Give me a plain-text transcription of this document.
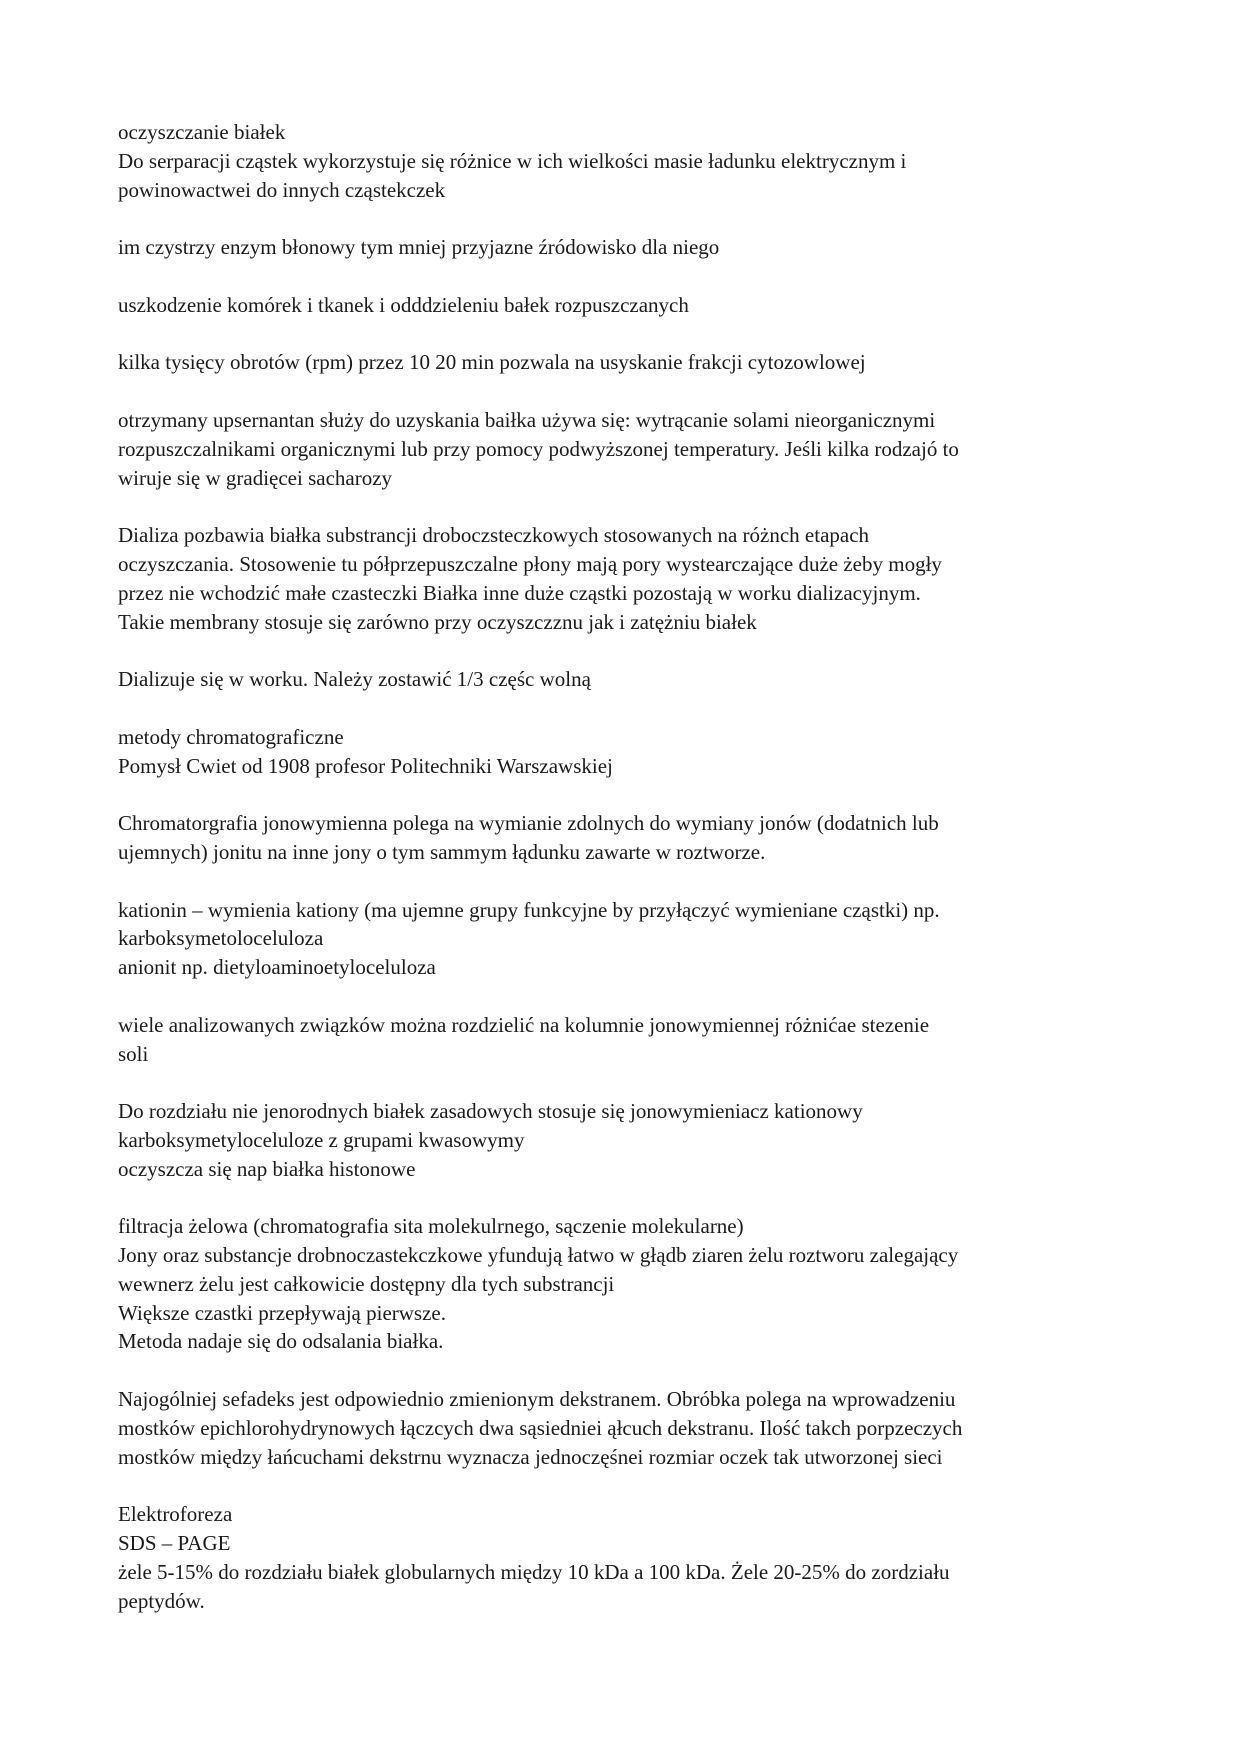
oczyszczanie białek
Do serparacji cząstek wykorzystuje się różnice w ich wielkości masie ładunku elektrycznym i
powinowactwei do innych cząstekczek
im czystrzy enzym błonowy tym mniej przyjazne źródowisko dla niego
uszkodzenie komórek i tkanek i odddzieleniu bałek rozpuszczanych
kilka tysięcy obrotów (rpm) przez 10 20 min pozwala na usyskanie frakcji cytozowlowej
otrzymany upsernantan służy do uzyskania baiłka używa się: wytrącanie solami nieorganicznymi
rozpuszczalnikami organicznymi lub przy pomocy podwyższonej temperatury. Jeśli kilka rodzajó to
wiruje się w gradięcei sacharozy
Dializa pozbawia białka substrancji droboczsteczkowych stosowanych na różnch etapach
oczyszczania. Stosowenie tu półprzepuszczalne płony mają pory wystearczające duże żeby mogły
przez nie wchodzić małe czasteczki Białka inne duże cząstki pozostają w worku dializacyjnym.
Takie membrany stosuje się zarówno przy oczyszczznu jak i zatężniu białek
Dializuje się w worku. Należy zostawić 1/3 częśc wolną
metody chromatograficzne
Pomysł Cwiet od 1908 profesor Politechniki Warszawskiej
Chromatorgrafia jonowymienna polega na wymianie zdolnych do wymiany jonów (dodatnich lub
ujemnych) jonitu na inne jony o tym sammym łądunku zawarte w roztworze.
kationin – wymienia kationy (ma ujemne grupy funkcyjne by przyłączyć wymieniane cząstki) np.
karboksymetoloceluloza
anionit np. dietyloaminoetyloceluloza
wiele analizowanych związków można rozdzielić na kolumnie jonowymiennej różnićae stezenie
soli
Do rozdziału nie jenorodnych białek zasadowych stosuje się jonowymieniacz kationowy
karboksymetyloceluloze z grupami kwasowymy
oczyszcza się nap białka histonowe
filtracja żelowa (chromatografia sita molekulrnego, sączenie molekularne)
Jony oraz substancje drobnoczastekczkowe yfundują łatwo w głądb ziaren żelu roztworu zalegający
wewnerz żelu jest całkowicie dostępny dla tych substrancji
Większe czastki przepływają pierwsze.
Metoda nadaje się do odsalania białka.
Najogólniej sefadeks jest odpowiednio zmienionym dekstranem. Obróbka polega na wprowadzeniu
mostków epichlorohydrynowych łączcych dwa sąsiedniei ąłcuch dekstranu. Ilość takch porpzeczych
mostków między łańcuchami dekstrnu wyznacza jednoczęśnei rozmiar oczek tak utworzonej sieci
Elektroforeza
SDS – PAGE
żele 5-15% do rozdziału białek globularnych między 10 kDa a 100 kDa. Żele 20-25% do zordziału
peptydów.
